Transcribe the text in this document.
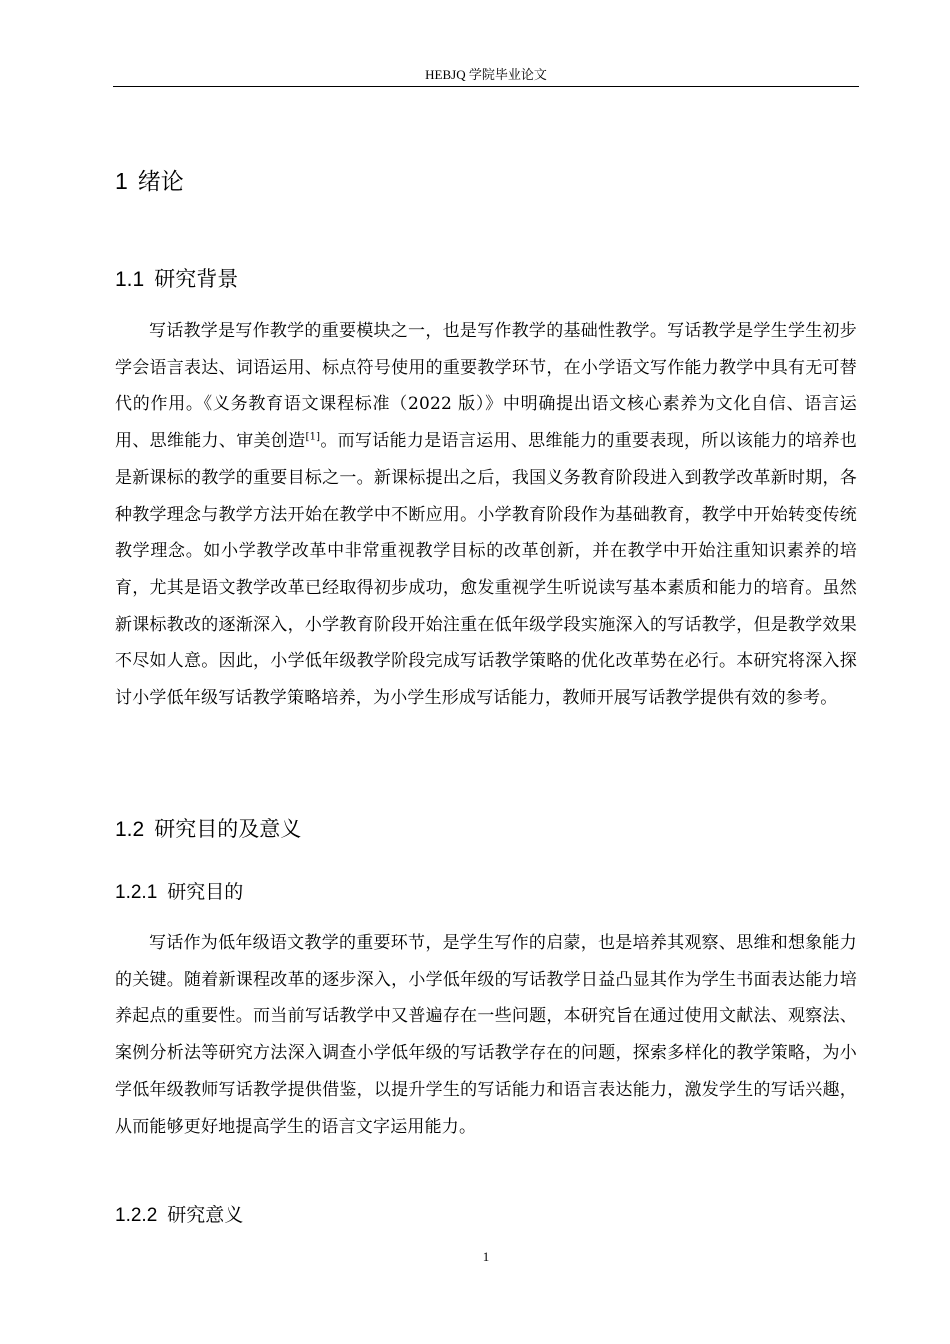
HEBJQ 学院毕业论文
1 绪论
1.1 研究背景

写话教学是写作教学的重要模块之一，也是写作教学的基础性教学。写话教学是学生学生初步学会语言表达、词语运用、标点符号使用的重要教学环节，在小学语文写作能力教学中具有无可替代的作用。《义务教育语文课程标准（2022 版）》中明确提出语文核心素养为文化自信、语言运用、思维能力、审美创造[1]。而写话能力是语言运用、思维能力的重要表现，所以该能力的培养也是新课标的教学的重要目标之一。新课标提出之后，我国义务教育阶段进入到教学改革新时期，各种教学理念与教学方法开始在教学中不断应用。小学教育阶段作为基础教育，教学中开始转变传统教学理念。如小学教学改革中非常重视教学目标的改革创新，并在教学中开始注重知识素养的培育，尤其是语文教学改革已经取得初步成功，愈发重视学生听说读写基本素质和能力的培育。虽然新课标教改的逐渐深入，小学教育阶段开始注重在低年级学段实施深入的写话教学，但是教学效果不尽如人意。因此，小学低年级教学阶段完成写话教学策略的优化改革势在必行。本研究将深入探讨小学低年级写话教学策略培养，为小学生形成写话能力，教师开展写话教学提供有效的参考。

1.2 研究目的及意义
1.2.1 研究目的

写话作为低年级语文教学的重要环节，是学生写作的启蒙，也是培养其观察、思维和想象能力的关键。随着新课程改革的逐步深入，小学低年级的写话教学日益凸显其作为学生书面表达能力培养起点的重要性。而当前写话教学中又普遍存在一些问题，本研究旨在通过使用文献法、观察法、案例分析法等研究方法深入调查小学低年级的写话教学存在的问题，探索多样化的教学策略，为小学低年级教师写话教学提供借鉴，以提升学生的写话能力和语言表达能力，激发学生的写话兴趣，从而能够更好地提高学生的语言文字运用能力。

1.2.2 研究意义
1
